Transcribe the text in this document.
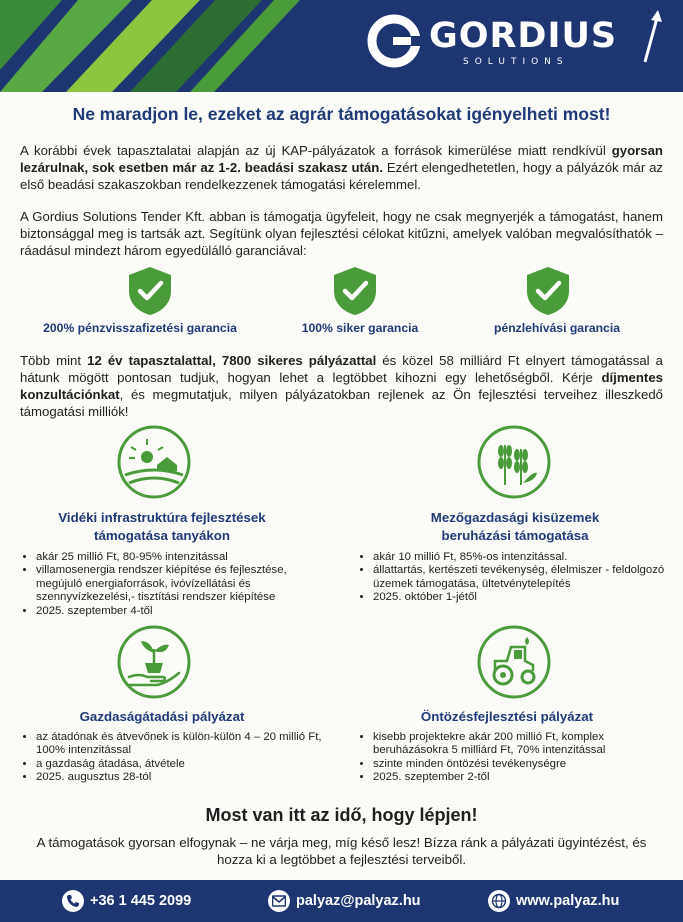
GORDIUS
SOLUTIONS
Ne maradjon le, ezeket az agrár támogatásokat igényelheti most!
A korábbi évek tapasztalatai alapján az új KAP-pályázatok a források kimerülése miatt rendkívül gyorsan lezárulnak, sok esetben már az 1-2. beadási szakasz után. Ezért elengedhetetlen, hogy a pályázók már az első beadási szakaszokban rendelkezzenek támogatási kérelemmel.
A Gordius Solutions Tender Kft. abban is támogatja ügyfeleit, hogy ne csak megnyerjék a támogatást, hanem biztonsággal meg is tartsák azt. Segítünk olyan fejlesztési célokat kitűzni, amelyek valóban megvalósíthatók – ráadásul mindezt három egyedülálló garanciával:
200% pénzvisszafizetési garancia	100% siker garancia	pénzlehívási garancia
Több mint 12 év tapasztalattal, 7800 sikeres pályázattal és közel 58 milliárd Ft elnyert támogatással a hátunk mögött pontosan tudjuk, hogyan lehet a legtöbbet kihozni egy lehetőségből. Kérje díjmentes konzultációnkat, és megmutatjuk, milyen pályázatokban rejlenek az Ön fejlesztési terveihez illeszkedő támogatási milliók!
Vidéki infrastruktúra fejlesztések
támogatása tanyákon
• akár 25 millió Ft, 80-95% intenzitással
• villamosenergia rendszer kiépítése és fejlesztése, megújuló energiaforrások, ivóvízellátási és szennyvízkezelési,- tisztítási rendszer kiépítése
• 2025. szeptember 4-től
Mezőgazdasági kisüzemek
beruházási támogatása
• akár 10 millió Ft, 85%-os intenzitással.
• állattartás, kertészeti tevékenység, élelmiszer - feldolgozó üzemek támogatása, ültetvénytelepítés
• 2025. október 1-jétől
Gazdaságátadási pályázat
• az átadónak és átvevőnek is külön-külön 4 – 20 millió Ft, 100% intenzitással
• a gazdaság átadása, átvétele
• 2025. augusztus 28-tól
Öntözésfejlesztési pályázat
• kisebb projektekre akár 200 millió Ft, komplex beruházásokra 5 milliárd Ft, 70% intenzitással
• szinte minden öntözési tevékenységre
• 2025. szeptember 2-től
Most van itt az idő, hogy lépjen!
A támogatások gyorsan elfogynak – ne várja meg, míg késő lesz! Bízza ránk a pályázati ügyintézést, és hozza ki a legtöbbet a fejlesztési terveiből.
+36 1 445 2099	palyaz@palyaz.hu	www.palyaz.hu
